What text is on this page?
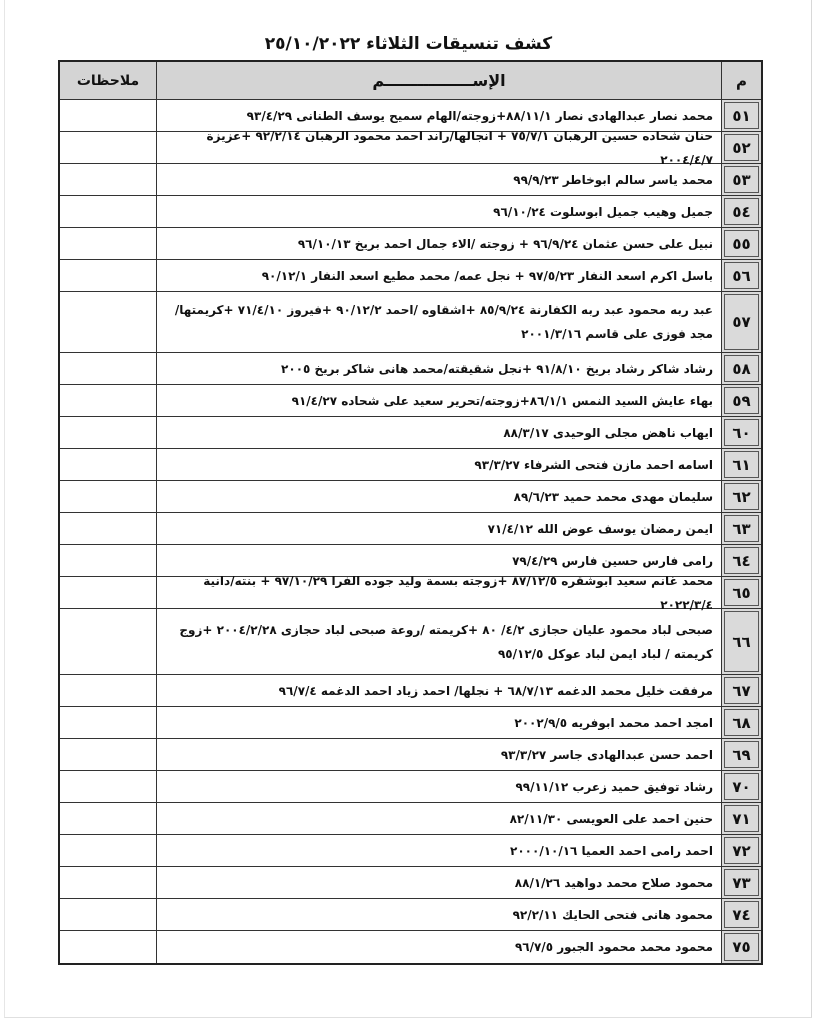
كشف تنسيقات الثلاثاء ٢٥/١٠/٢٠٢٢
م
الإســــــــــــــــم
ملاحظات
٥١
محمد نصار عبدالهادى نصار ٨٨/١١/١+زوجته/الهام سميح يوسف الطنانى ٩٣/٤/٢٩
٥٢
حنان شحاده حسين الرهبان ٧٥/٧/١ + انجالها/راند احمد محمود الرهبان ٩٢/٢/١٤ +عزيزة ٢٠٠٤/٤/٧
٥٣
محمد ياسر سالم ابوخاطر ٩٩/٩/٢٣
٥٤
جميل وهيب جميل ابوسلوت ٩٦/١٠/٢٤
٥٥
نبيل على حسن عثمان ٩٦/٩/٢٤ + زوجته /الاء جمال احمد بريخ ٩٦/١٠/١٣
٥٦
باسل اكرم اسعد النفار ٩٧/٥/٢٣ + نجل عمه/ محمد مطيع اسعد النفار ٩٠/١٢/١
٥٧
عبد ربه محمود عبد ربه الكفارنة ٨٥/٩/٢٤ +اشقاوه /احمد ٩٠/١٢/٢ +فيروز ٧١/٤/١٠ +كريمتها/مجد فوزى على قاسم ٢٠٠١/٣/١٦
٥٨
رشاد شاكر رشاد بريخ ٩١/٨/١٠ +نجل شقيقته/محمد هانى شاكر بريخ ٢٠٠٥
٥٩
بهاء عايش السيد النمس ٨٦/١/١+زوجته/تحرير سعيد على شحاده ٩١/٤/٢٧
٦٠
ايهاب ناهض مجلى الوحيدى ٨٨/٣/١٧
٦١
اسامه احمد مازن فتحى الشرفاء ٩٣/٣/٢٧
٦٢
سليمان مهدى محمد حميد ٨٩/٦/٢٣
٦٣
ايمن رمضان يوسف عوض الله ٧١/٤/١٢
٦٤
رامى فارس حسين فارس ٧٩/٤/٢٩
٦٥
محمد غانم سعيد ابوشقره ٨٧/١٢/٥ +زوجته بسمة وليد جوده الفرا ٩٧/١٠/٢٩ + بنته/دانية ٢٠٢٢/٣/٤
٦٦
صبحى لباد محمود عليان حجازى ٤/٢/ ٨٠ +كريمته /روعة صبحى لباد حجازى ٢٠٠٤/٢/٢٨ +زوج كريمته / لباد ايمن لباد عوكل ٩٥/١٢/٥
٦٧
مرفقت خليل محمد الدغمه ٦٨/٧/١٣ + نجلها/ احمد زياد احمد الدغمه ٩٦/٧/٤
٦٨
امجد احمد محمد ابوفريه ٢٠٠٢/٩/٥
٦٩
احمد حسن عبدالهادى جاسر ٩٣/٣/٢٧
٧٠
رشاد توفيق حميد زعرب ٩٩/١١/١٢
٧١
حنين احمد على العويسى ٨٢/١١/٣٠
٧٢
احمد رامى احمد العميا ٢٠٠٠/١٠/١٦
٧٣
محمود صلاح محمد دواهيد ٨٨/١/٢٦
٧٤
محمود هانى فتحى الحايك ٩٢/٢/١١
٧٥
محمود محمد محمود الجبور ٩٦/٧/٥
